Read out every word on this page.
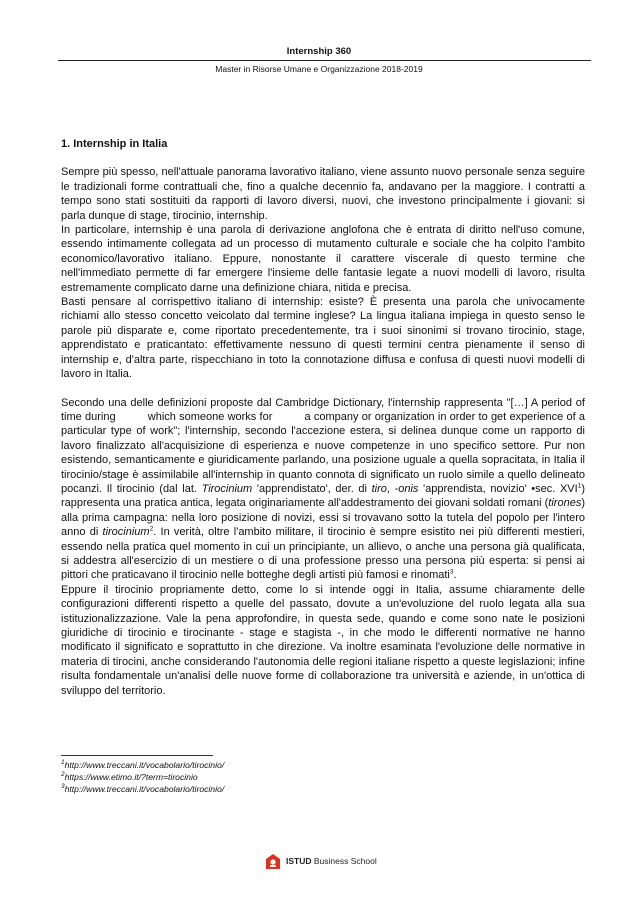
Internship 360
Master in Risorse Umane e Organizzazione 2018-2019
1. Internship in Italia

Sempre più spesso, nell'attuale panorama lavorativo italiano, viene assunto nuovo personale senza seguire le tradizionali forme contrattuali che, fino a qualche decennio fa, andavano per la maggiore. I contratti a tempo sono stati sostituiti da rapporti di lavoro diversi, nuovi, che investono principalmente i giovani: si parla dunque di stage, tirocinio, internship.

In particolare, internship è una parola di derivazione anglofona che è entrata di diritto nell'uso comune, essendo intimamente collegata ad un processo di mutamento culturale e sociale che ha colpito l'ambito economico/lavorativo italiano. Eppure, nonostante il carattere viscerale di questo termine che nell'immediato permette di far emergere l'insieme delle fantasie legate a nuovi modelli di lavoro, risulta estremamente complicato darne una definizione chiara, nitida e precisa.

Basti pensare al corrispettivo italiano di internship: esiste? È presenta una parola che univocamente richiami allo stesso concetto veicolato dal termine inglese? La lingua italiana impiega in questo senso le parole più disparate e, come riportato precedentemente, tra i suoi sinonimi si trovano tirocinio, stage, apprendistato e praticantato: effettivamente nessuno di questi termini centra pienamente il senso di internship e, d'altra parte, rispecchiano in toto la connotazione diffusa e confusa di questi nuovi modelli di lavoro in Italia.

Secondo una delle definizioni proposte dal Cambridge Dictionary, l'internship rappresenta "[…] A period of time during          which someone works for          a company or organization in order to get experience of a particular type of work"; l'internship, secondo l'accezione estera, si delinea dunque come un rapporto di lavoro finalizzato all'acquisizione di esperienza e nuove competenze in uno specifico settore. Pur non esistendo, semanticamente e giuridicamente parlando, una posizione uguale a quella sopracitata, in Italia il tirocinio/stage è assimilabile all'internship in quanto connota di significato un ruolo simile a quello delineato pocanzi. Il tirocinio (dal lat. Tirocinium 'apprendistato', der. di tiro, -onis 'apprendista, novizio' •sec. XVI$^1$) rappresenta una pratica antica, legata originariamente all'addestramento dei giovani soldati romani (tirones) alla prima campagna: nella loro posizione di novizi, essi si trovavano sotto la tutela del popolo per l'intero anno di tirocinium$^2$. In verità, oltre l'ambito militare, il tirocinio è sempre esistito nei più differenti mestieri, essendo nella pratica quel momento in cui un principiante, un allievo, o anche una persona già qualificata, si addestra all'esercizio di un mestiere o di una professione presso una persona più esperta: si pensi ai pittori che praticavano il tirocinio nelle botteghe degli artisti più famosi e rinomati$^3$.

Eppure il tirocinio propriamente detto, come lo si intende oggi in Italia, assume chiaramente delle configurazioni differenti rispetto a quelle del passato, dovute a un'evoluzione del ruolo legata alla sua istituzionalizzazione. Vale la pena approfondire, in questa sede, quando e come sono nate le posizioni giuridiche di tirocinio e tirocinante - stage e stagista -, in che modo le differenti normative ne hanno modificato il significato e soprattutto in che direzione. Va inoltre esaminata l'evoluzione delle normative in materia di tirocini, anche considerando l'autonomia delle regioni italiane rispetto a queste legislazioni; infine risulta fondamentale un'analisi delle nuove forme di collaborazione tra università e aziende, in un'ottica di sviluppo del territorio.

$^1$http://www.treccani.it/vocabolario/tirocinio/
$^2$https://www.etimo.it/?term=tirocinio
$^3$http://www.treccani.it/vocabolario/tirocinio/
ISTUD Business School
